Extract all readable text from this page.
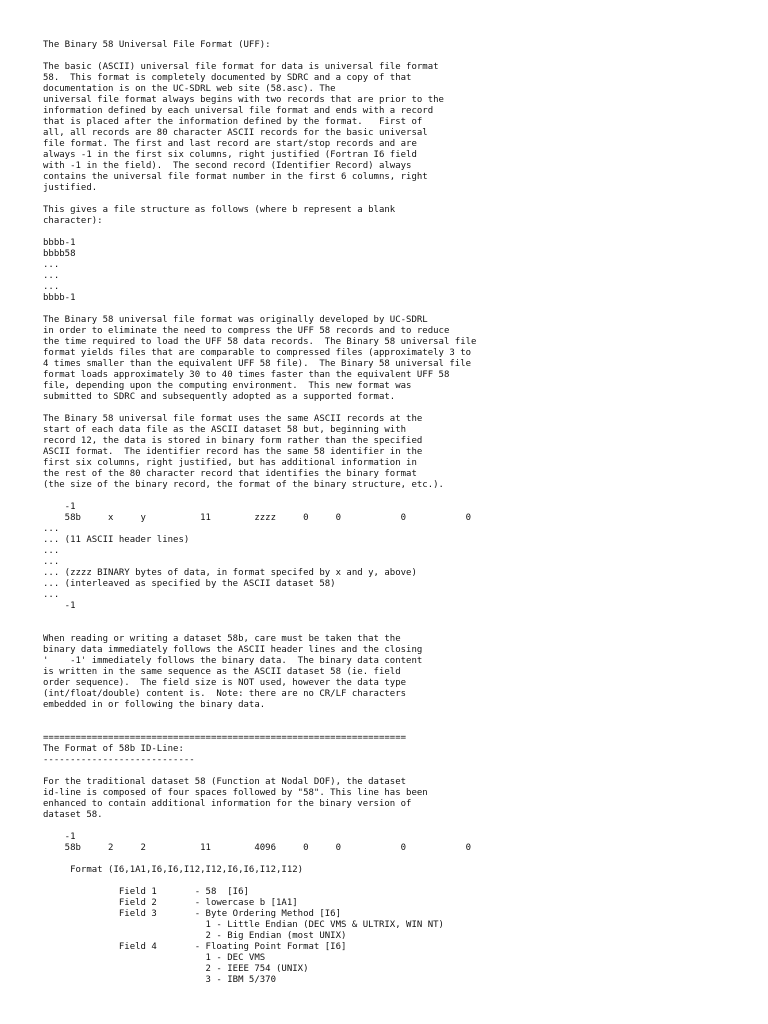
The Binary 58 Universal File Format (UFF):
The basic (ASCII) universal file format for data is universal file format
58.  This format is completely documented by SDRC and a copy of that
documentation is on the UC-SDRL web site (58.asc). The
universal file format always begins with two records that are prior to the
information defined by each universal file format and ends with a record
that is placed after the information defined by the format.   First of
all, all records are 80 character ASCII records for the basic universal
file format. The first and last record are start/stop records and are
always -1 in the first six columns, right justified (Fortran I6 field
with -1 in the field).  The second record (Identifier Record) always
contains the universal file format number in the first 6 columns, right
justified.
This gives a file structure as follows (where b represent a blank
character):
bbbb-1
bbbb58
...
...
...
bbbb-1
The Binary 58 universal file format was originally developed by UC-SDRL
in order to eliminate the need to compress the UFF 58 records and to reduce
the time required to load the UFF 58 data records.  The Binary 58 universal file
format yields files that are comparable to compressed files (approximately 3 to
4 times smaller than the equivalent UFF 58 file).  The Binary 58 universal file
format loads approximately 30 to 40 times faster than the equivalent UFF 58
file, depending upon the computing environment.  This new format was
submitted to SDRC and subsequently adopted as a supported format.
The Binary 58 universal file format uses the same ASCII records at the
start of each data file as the ASCII dataset 58 but, beginning with
record 12, the data is stored in binary form rather than the specified
ASCII format.  The identifier record has the same 58 identifier in the
first six columns, right justified, but has additional information in
the rest of the 80 character record that identifies the binary format
(the size of the binary record, the format of the binary structure, etc.).
-1
58b     x     y          11        zzzz     0     0           0           0
...
... (11 ASCII header lines)
...
...
... (zzzz BINARY bytes of data, in format specifed by x and y, above)
... (interleaved as specified by the ASCII dataset 58)
...
-1
When reading or writing a dataset 58b, care must be taken that the
binary data immediately follows the ASCII header lines and the closing
'    -1' immediately follows the binary data.  The binary data content
is written in the same sequence as the ASCII dataset 58 (ie. field
order sequence).  The field size is NOT used, however the data type
(int/float/double) content is.  Note: there are no CR/LF characters
embedded in or following the binary data.
===================================================================
The Format of 58b ID-Line:
----------------------------
For the traditional dataset 58 (Function at Nodal DOF), the dataset
id-line is composed of four spaces followed by "58". This line has been
enhanced to contain additional information for the binary version of
dataset 58.
-1
58b     2     2          11        4096     0     0           0           0
Format (I6,1A1,I6,I6,I12,I12,I6,I6,I12,I12)
Field 1       - 58  [I6]
Field 2       - lowercase b [1A1]
Field 3       - Byte Ordering Method [I6]
1 - Little Endian (DEC VMS & ULTRIX, WIN NT)
2 - Big Endian (most UNIX)
Field 4       - Floating Point Format [I6]
1 - DEC VMS
2 - IEEE 754 (UNIX)
3 - IBM 5/370
